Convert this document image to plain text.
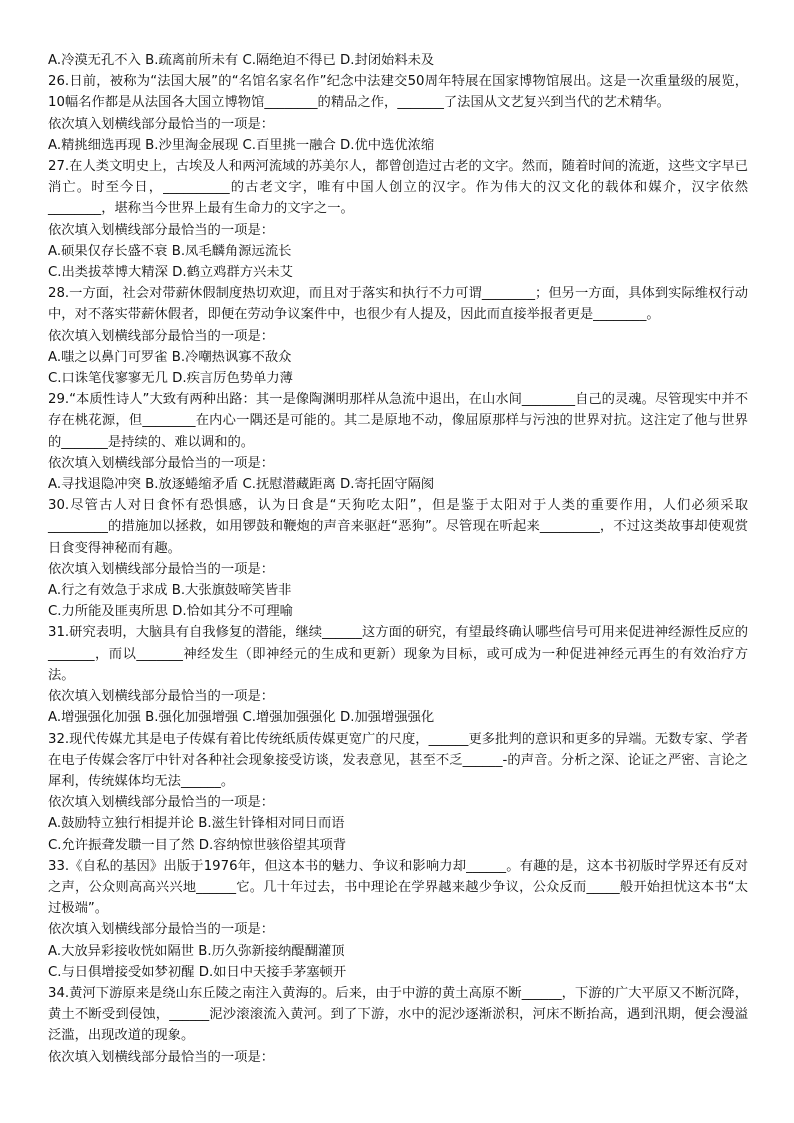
A.冷漠无孔不入 B.疏离前所未有 C.隔绝迫不得已 D.封闭始料未及
26.日前，被称为“法国大展”的“名馆名家名作”纪念中法建交50周年特展在国家博物馆展出。这是一次重量级的展览，10幅名作都是从法国各大国立博物馆________的精品之作，_______了法国从文艺复兴到当代的艺术精华。
依次填入划横线部分最恰当的一项是：
A.精挑细选再现 B.沙里淘金展现 C.百里挑一融合 D.优中选优浓缩
27.在人类文明史上，古埃及人和两河流域的苏美尔人，都曾创造过古老的文字。然而，随着时间的流逝，这些文字早已消亡。时至今日，__________的古老文字，唯有中国人创立的汉字。作为伟大的汉文化的载体和媒介，汉字依然________，堪称当今世界上最有生命力的文字之一。
依次填入划横线部分最恰当的一项是：
A.硕果仅存长盛不衰 B.凤毛麟角源远流长
C.出类拔萃博大精深 D.鹤立鸡群方兴未艾
28.一方面，社会对带薪休假制度热切欢迎，而且对于落实和执行不力可谓________；但另一方面，具体到实际维权行动中，对不落实带薪休假者，即便在劳动争议案件中，也很少有人提及，因此而直接举报者更是________。
依次填入划横线部分最恰当的一项是：
A.嗤之以鼻门可罗雀 B.冷嘲热讽寡不敌众
C.口诛笔伐寥寥无几 D.疾言厉色势单力薄
29.“本质性诗人”大致有两种出路：其一是像陶渊明那样从急流中退出，在山水间________自己的灵魂。尽管现实中并不存在桃花源，但________在内心一隅还是可能的。其二是原地不动，像屈原那样与污浊的世界对抗。这注定了他与世界的_______是持续的、难以调和的。
依次填入划横线部分最恰当的一项是：
A.寻找退隐冲突 B.放逐蜷缩矛盾 C.抚慰潜藏距离 D.寄托固守隔阂
30.尽管古人对日食怀有恐惧感，认为日食是“天狗吃太阳”，但是鉴于太阳对于人类的重要作用，人们必须采取_________的措施加以拯救，如用锣鼓和鞭炮的声音来驱赶“恶狗”。尽管现在听起来_________，不过这类故事却使观赏日食变得神秘而有趣。
依次填入划横线部分最恰当的一项是：
A.行之有效急于求成 B.大张旗鼓啼笑皆非
C.力所能及匪夷所思 D.恰如其分不可理喻
31.研究表明，大脑具有自我修复的潜能，继续______这方面的研究，有望最终确认哪些信号可用来促进神经源性反应的_______，而以_______神经发生（即神经元的生成和更新）现象为目标，或可成为一种促进神经元再生的有效治疗方法。
依次填入划横线部分最恰当的一项是：
A.增强强化加强 B.强化加强增强 C.增强加强强化 D.加强增强强化
32.现代传媒尤其是电子传媒有着比传统纸质传媒更宽广的尺度，______更多批判的意识和更多的异端。无数专家、学者在电子传媒会客厅中针对各种社会现象接受访谈，发表意见，甚至不乏______-的声音。分析之深、论证之严密、言论之犀利，传统媒体均无法______。
依次填入划横线部分最恰当的一项是：
A.鼓励特立独行相提并论 B.滋生针锋相对同日而语
C.允许振聋发聩一目了然 D.容纳惊世骇俗望其项背
33.《自私的基因》出版于1976年，但这本书的魅力、争议和影响力却______。有趣的是，这本书初版时学界还有反对之声，公众则高高兴兴地______它。几十年过去，书中理论在学界越来越少争议，公众反而_____般开始担忧这本书“太过极端”。
依次填入划横线部分最恰当的一项是：
A.大放异彩接收恍如隔世 B.历久弥新接纳醍醐灌顶
C.与日俱增接受如梦初醒 D.如日中天接手茅塞顿开
34.黄河下游原来是绕山东丘陵之南注入黄海的。后来，由于中游的黄土高原不断______，下游的广大平原又不断沉降，黄土不断受到侵蚀，______泥沙滚滚流入黄河。到了下游，水中的泥沙逐渐淤积，河床不断抬高，遇到汛期，便会漫溢泛滥，出现改道的现象。
依次填入划横线部分最恰当的一项是：
